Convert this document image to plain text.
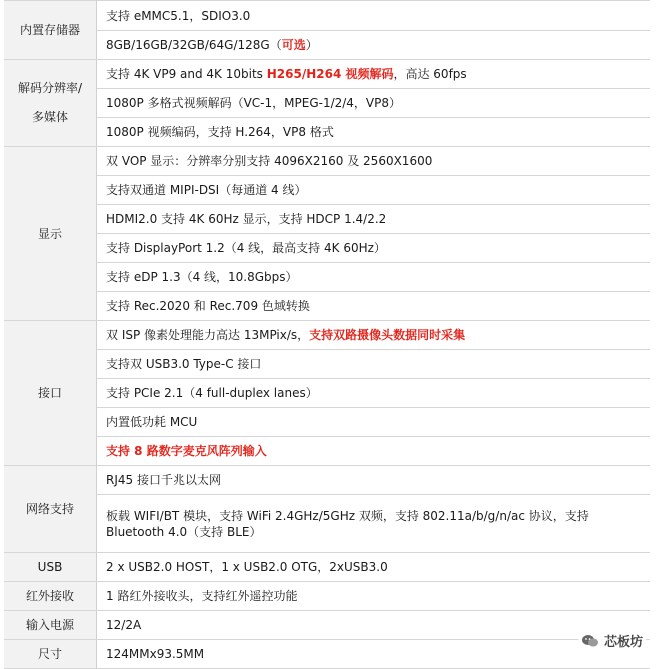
内置存储器	支持 eMMC5.1，SDIO3.0
	8GB/16GB/32GB/64G/128G（可选）

解码分辨率/
多媒体	支持 4K VP9 and 4K 10bits H265/H264 视频解码，高达 60fps
	1080P 多格式视频解码（VC-1，MPEG-1/2/4，VP8）
	1080P 视频编码，支持 H.264，VP8 格式

显示	双 VOP 显示：分辨率分别支持 4096X2160 及 2560X1600
	支持双通道 MIPI-DSI（每通道 4 线）
	HDMI2.0 支持 4K 60Hz 显示，支持 HDCP 1.4/2.2
	支持 DisplayPort 1.2（4 线，最高支持 4K 60Hz）
	支持 eDP 1.3（4 线，10.8Gbps）
	支持 Rec.2020 和 Rec.709 色域转换

接口	双 ISP 像素处理能力高达 13MPix/s，支持双路摄像头数据同时采集
	支持双 USB3.0 Type-C 接口
	支持 PCIe 2.1（4 full-duplex lanes）
	内置低功耗 MCU
	支持 8 路数字麦克风阵列输入

网络支持	RJ45 接口千兆以太网
	板载 WIFI/BT 模块，支持 WiFi 2.4GHz/5GHz 双频，支持 802.11a/b/g/n/ac 协议，支持 Bluetooth 4.0（支持 BLE）

USB	2 x USB2.0 HOST，1 x USB2.0 OTG，2xUSB3.0

红外接收	1 路红外接收头，支持红外遥控功能

输入电源	12/2A

尺寸	124MMx93.5MM
芯板坊
